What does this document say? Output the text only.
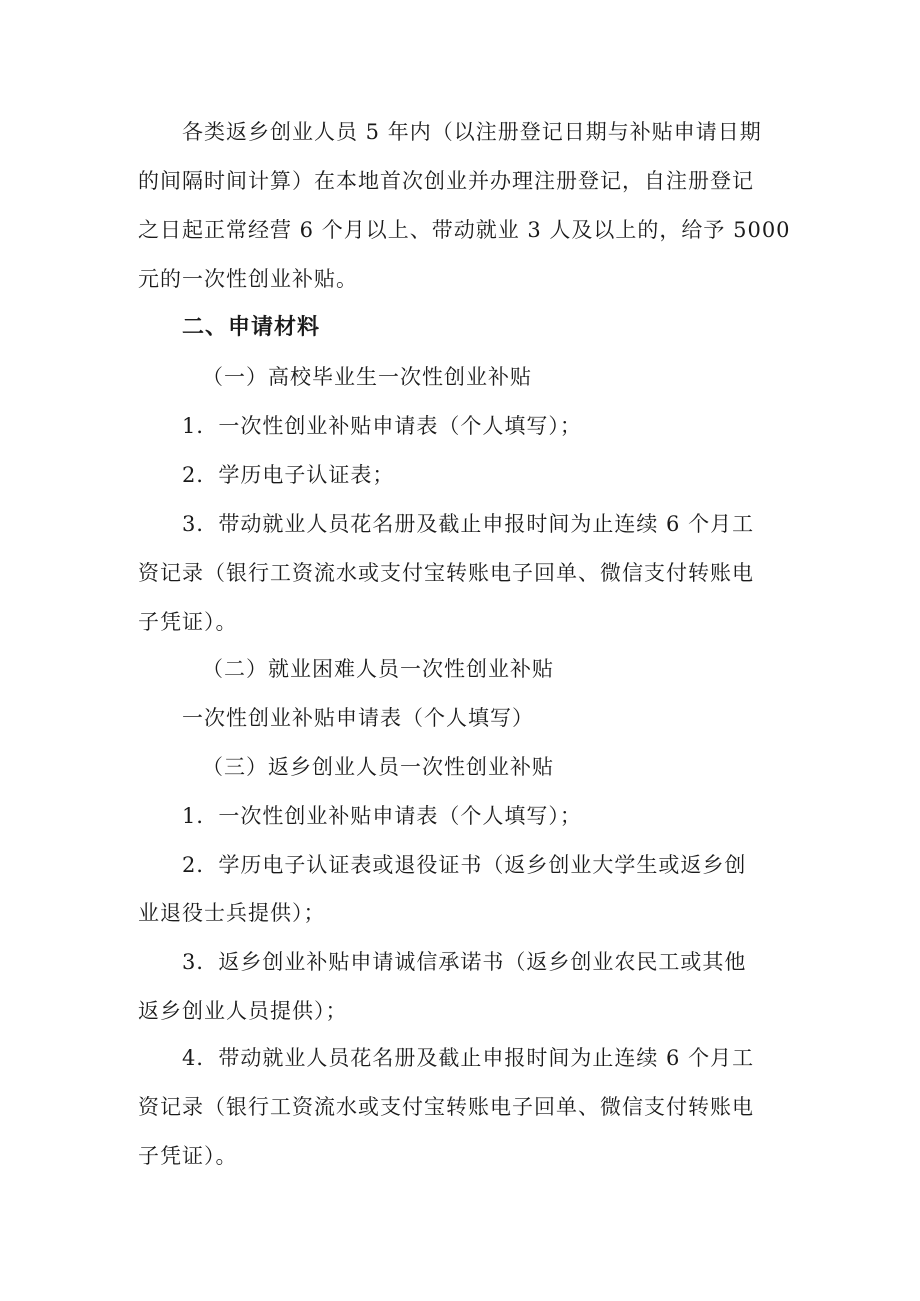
各类返乡创业人员 5 年内（以注册登记日期与补贴申请日期
的间隔时间计算）在本地首次创业并办理注册登记，自注册登记
之日起正常经营 6 个月以上、带动就业 3 人及以上的，给予 5000
元的一次性创业补贴。
二、申请材料
（一）高校毕业生一次性创业补贴
1．一次性创业补贴申请表（个人填写）；
2．学历电子认证表；
3．带动就业人员花名册及截止申报时间为止连续 6 个月工
资记录（银行工资流水或支付宝转账电子回单、微信支付转账电
子凭证）。
（二）就业困难人员一次性创业补贴
一次性创业补贴申请表（个人填写）
（三）返乡创业人员一次性创业补贴
1．一次性创业补贴申请表（个人填写）；
2．学历电子认证表或退役证书（返乡创业大学生或返乡创
业退役士兵提供）；
3．返乡创业补贴申请诚信承诺书（返乡创业农民工或其他
返乡创业人员提供）；
4．带动就业人员花名册及截止申报时间为止连续 6 个月工
资记录（银行工资流水或支付宝转账电子回单、微信支付转账电
子凭证）。
